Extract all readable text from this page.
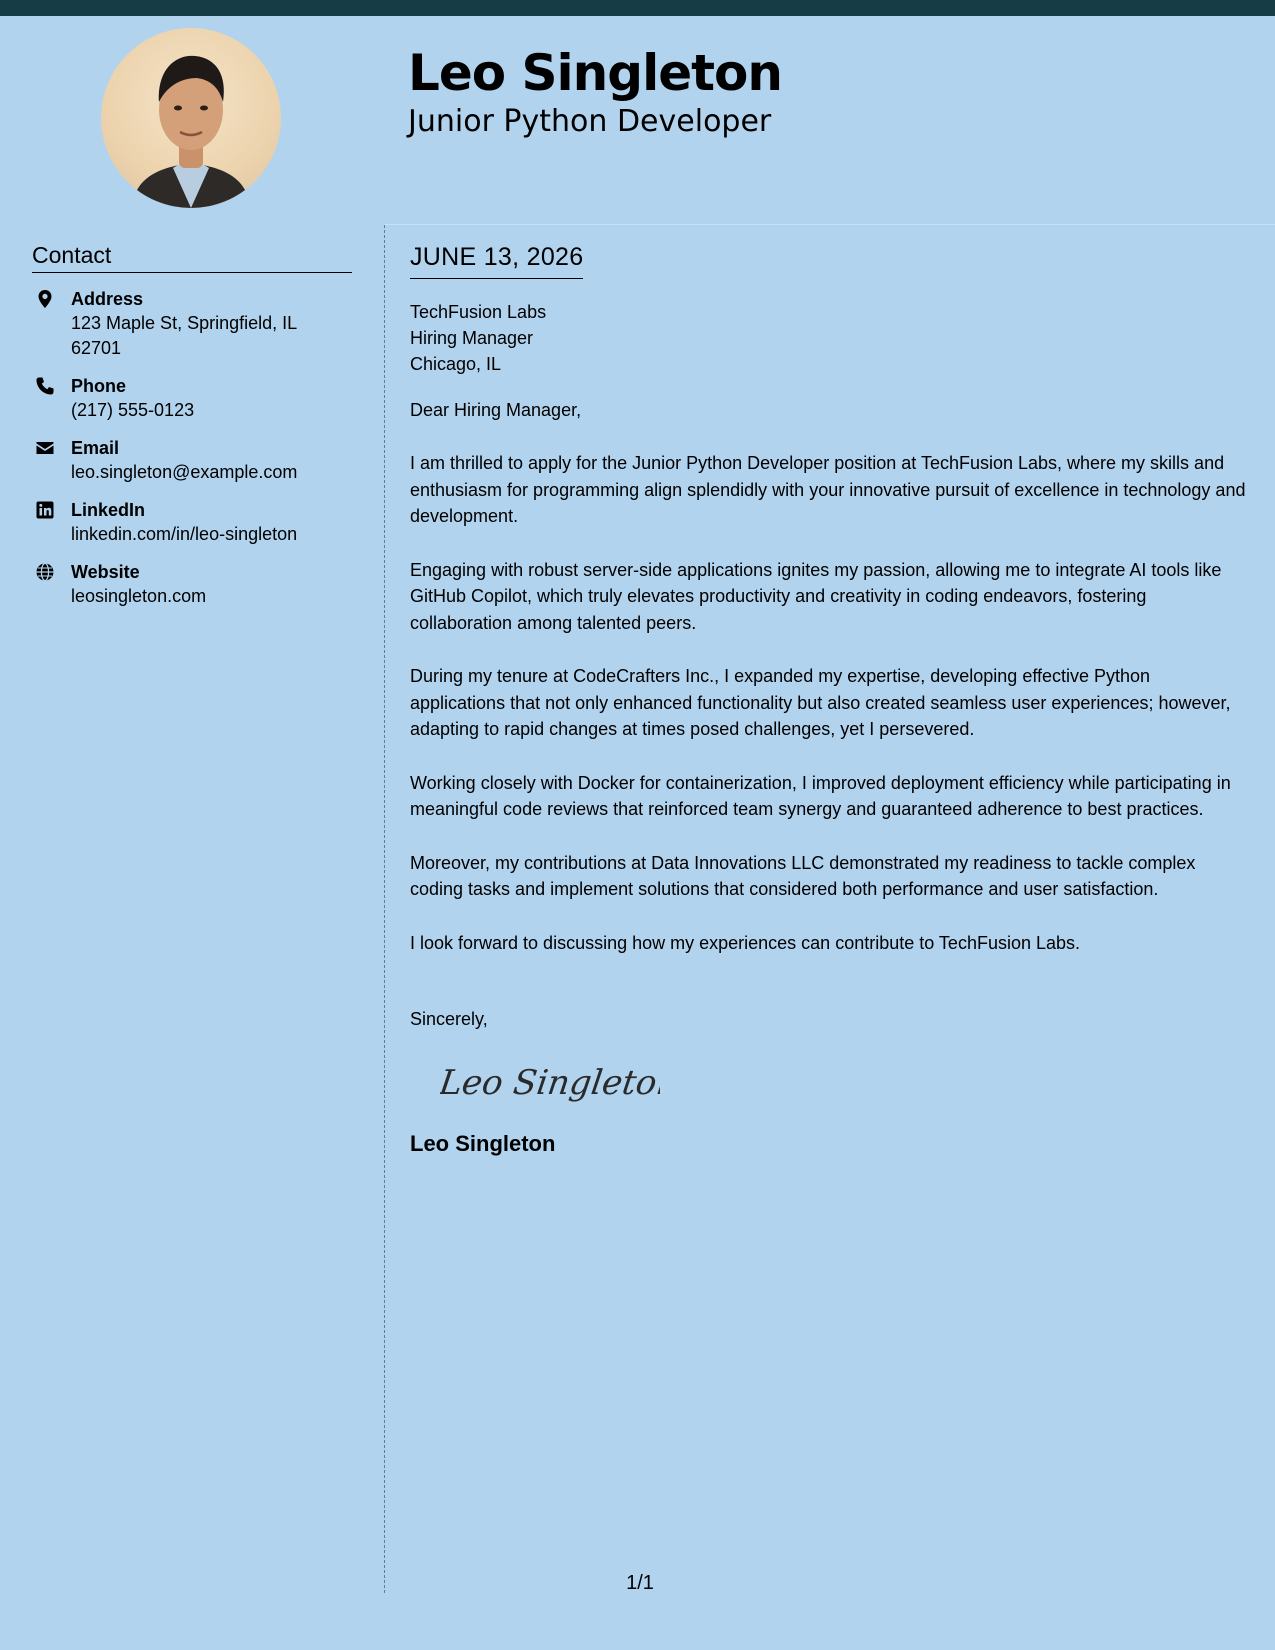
Leo Singleton
Junior Python Developer
Contact
Address
123 Maple St, Springfield, IL 62701
Phone
(217) 555-0123
Email
leo.singleton@example.com
LinkedIn
linkedin.com/in/leo-singleton
Website
leosingleton.com
JUNE 13, 2026
TechFusion Labs
Hiring Manager
Chicago, IL
Dear Hiring Manager,

I am thrilled to apply for the Junior Python Developer position at TechFusion Labs, where my skills and enthusiasm for programming align splendidly with your innovative pursuit of excellence in technology and development.

Engaging with robust server-side applications ignites my passion, allowing me to integrate AI tools like GitHub Copilot, which truly elevates productivity and creativity in coding endeavors, fostering collaboration among talented peers.

During my tenure at CodeCrafters Inc., I expanded my expertise, developing effective Python applications that not only enhanced functionality but also created seamless user experiences; however, adapting to rapid changes at times posed challenges, yet I persevered.

Working closely with Docker for containerization, I improved deployment efficiency while participating in meaningful code reviews that reinforced team synergy and guaranteed adherence to best practices.

Moreover, my contributions at Data Innovations LLC demonstrated my readiness to tackle complex coding tasks and implement solutions that considered both performance and user satisfaction.

I look forward to discussing how my experiences can contribute to TechFusion Labs.

Sincerely,
Leo Singleton
Leo Singleton
1/1
